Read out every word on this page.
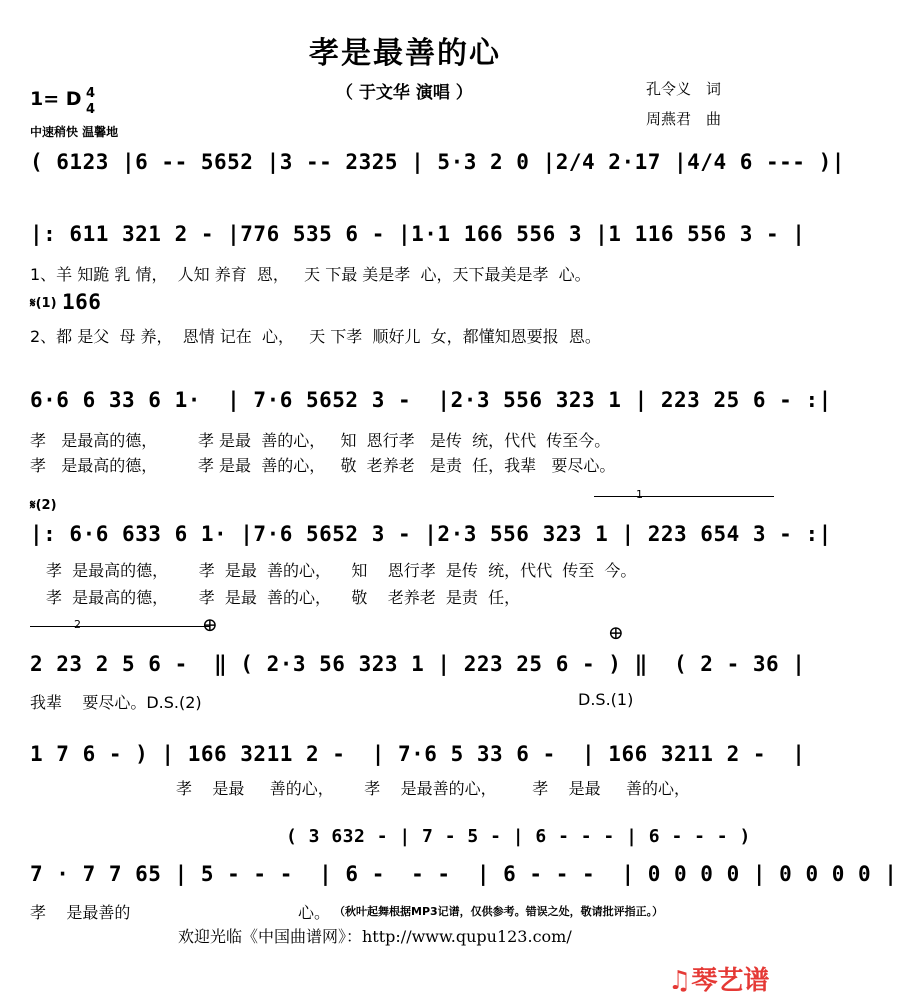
孝是最善的心
（ 于文华 演唱 ）	孔令义　词
周燕君　曲
1= D 4
4
中速稍快 温馨地
( 6123 |6 -- 5652 |3 -- 2325 | 5·3 2 0 |2/4 2·17 |4/4 6 --- )|
|: 611 321 2 - |776 535 6 - |1·1 166 556 3 |1 116 556 3 - |
1、羊 知跪 乳 情，  人知 养育  恩，   天 下最 美是孝  心，天下最美是孝  心。
𝄋(1) 166
2、都 是父  母 养，  恩情 记在  心，   天 下孝  顺好儿  女，都懂知恩要报  恩。
6·6 6 33 6 1·  | 7·6 5652 3 -  |2·3 556 323 1 | 223 25 6 - :|
孝   是最高的德，        孝 是最  善的心，   知  恩行孝   是传  统，代代  传至今。
孝   是最高的德，        孝 是最  善的心，   敬  老养老   是责  任，我辈   要尽心。
𝄋(2)
1
|: 6·6 633 6 1· |7·6 5652 3 - |2·3 556 323 1 | 223 654 3 - :|
孝  是最高的德，      孝  是最  善的心，    知    恩行孝  是传  统，代代  传至  今。
孝  是最高的德，      孝  是最  善的心，    敬    老养老  是责  任，
2	⊕	⊕
2 23 2 5 6 -  ‖ ( 2·3 56 323 1 | 223 25 6 - ) ‖  ( 2 - 36 |
我辈    要尽心。D.S.(2)	D.S.(1)
1 7 6 - ) | 166 3211 2 -  | 7·6 5 33 6 -  | 166 3211 2 -  |
孝    是最     善的心，      孝    是最善的心，       孝    是最     善的心，
( 3 632 - | 7 - 5 - | 6 - - - | 6 - - - )
7 · 7 7 65 | 5 - - -  | 6 -  - -  | 6 - - -  | 0 0 0 0 | 0 0 0 0 |
孝    是最善的	心。 （秋叶起舞根据MP3记谱，仅供参考。错误之处，敬请批评指正。）
欢迎光临《中国曲谱网》：http://www.qupu123.com/
♫琴艺谱
